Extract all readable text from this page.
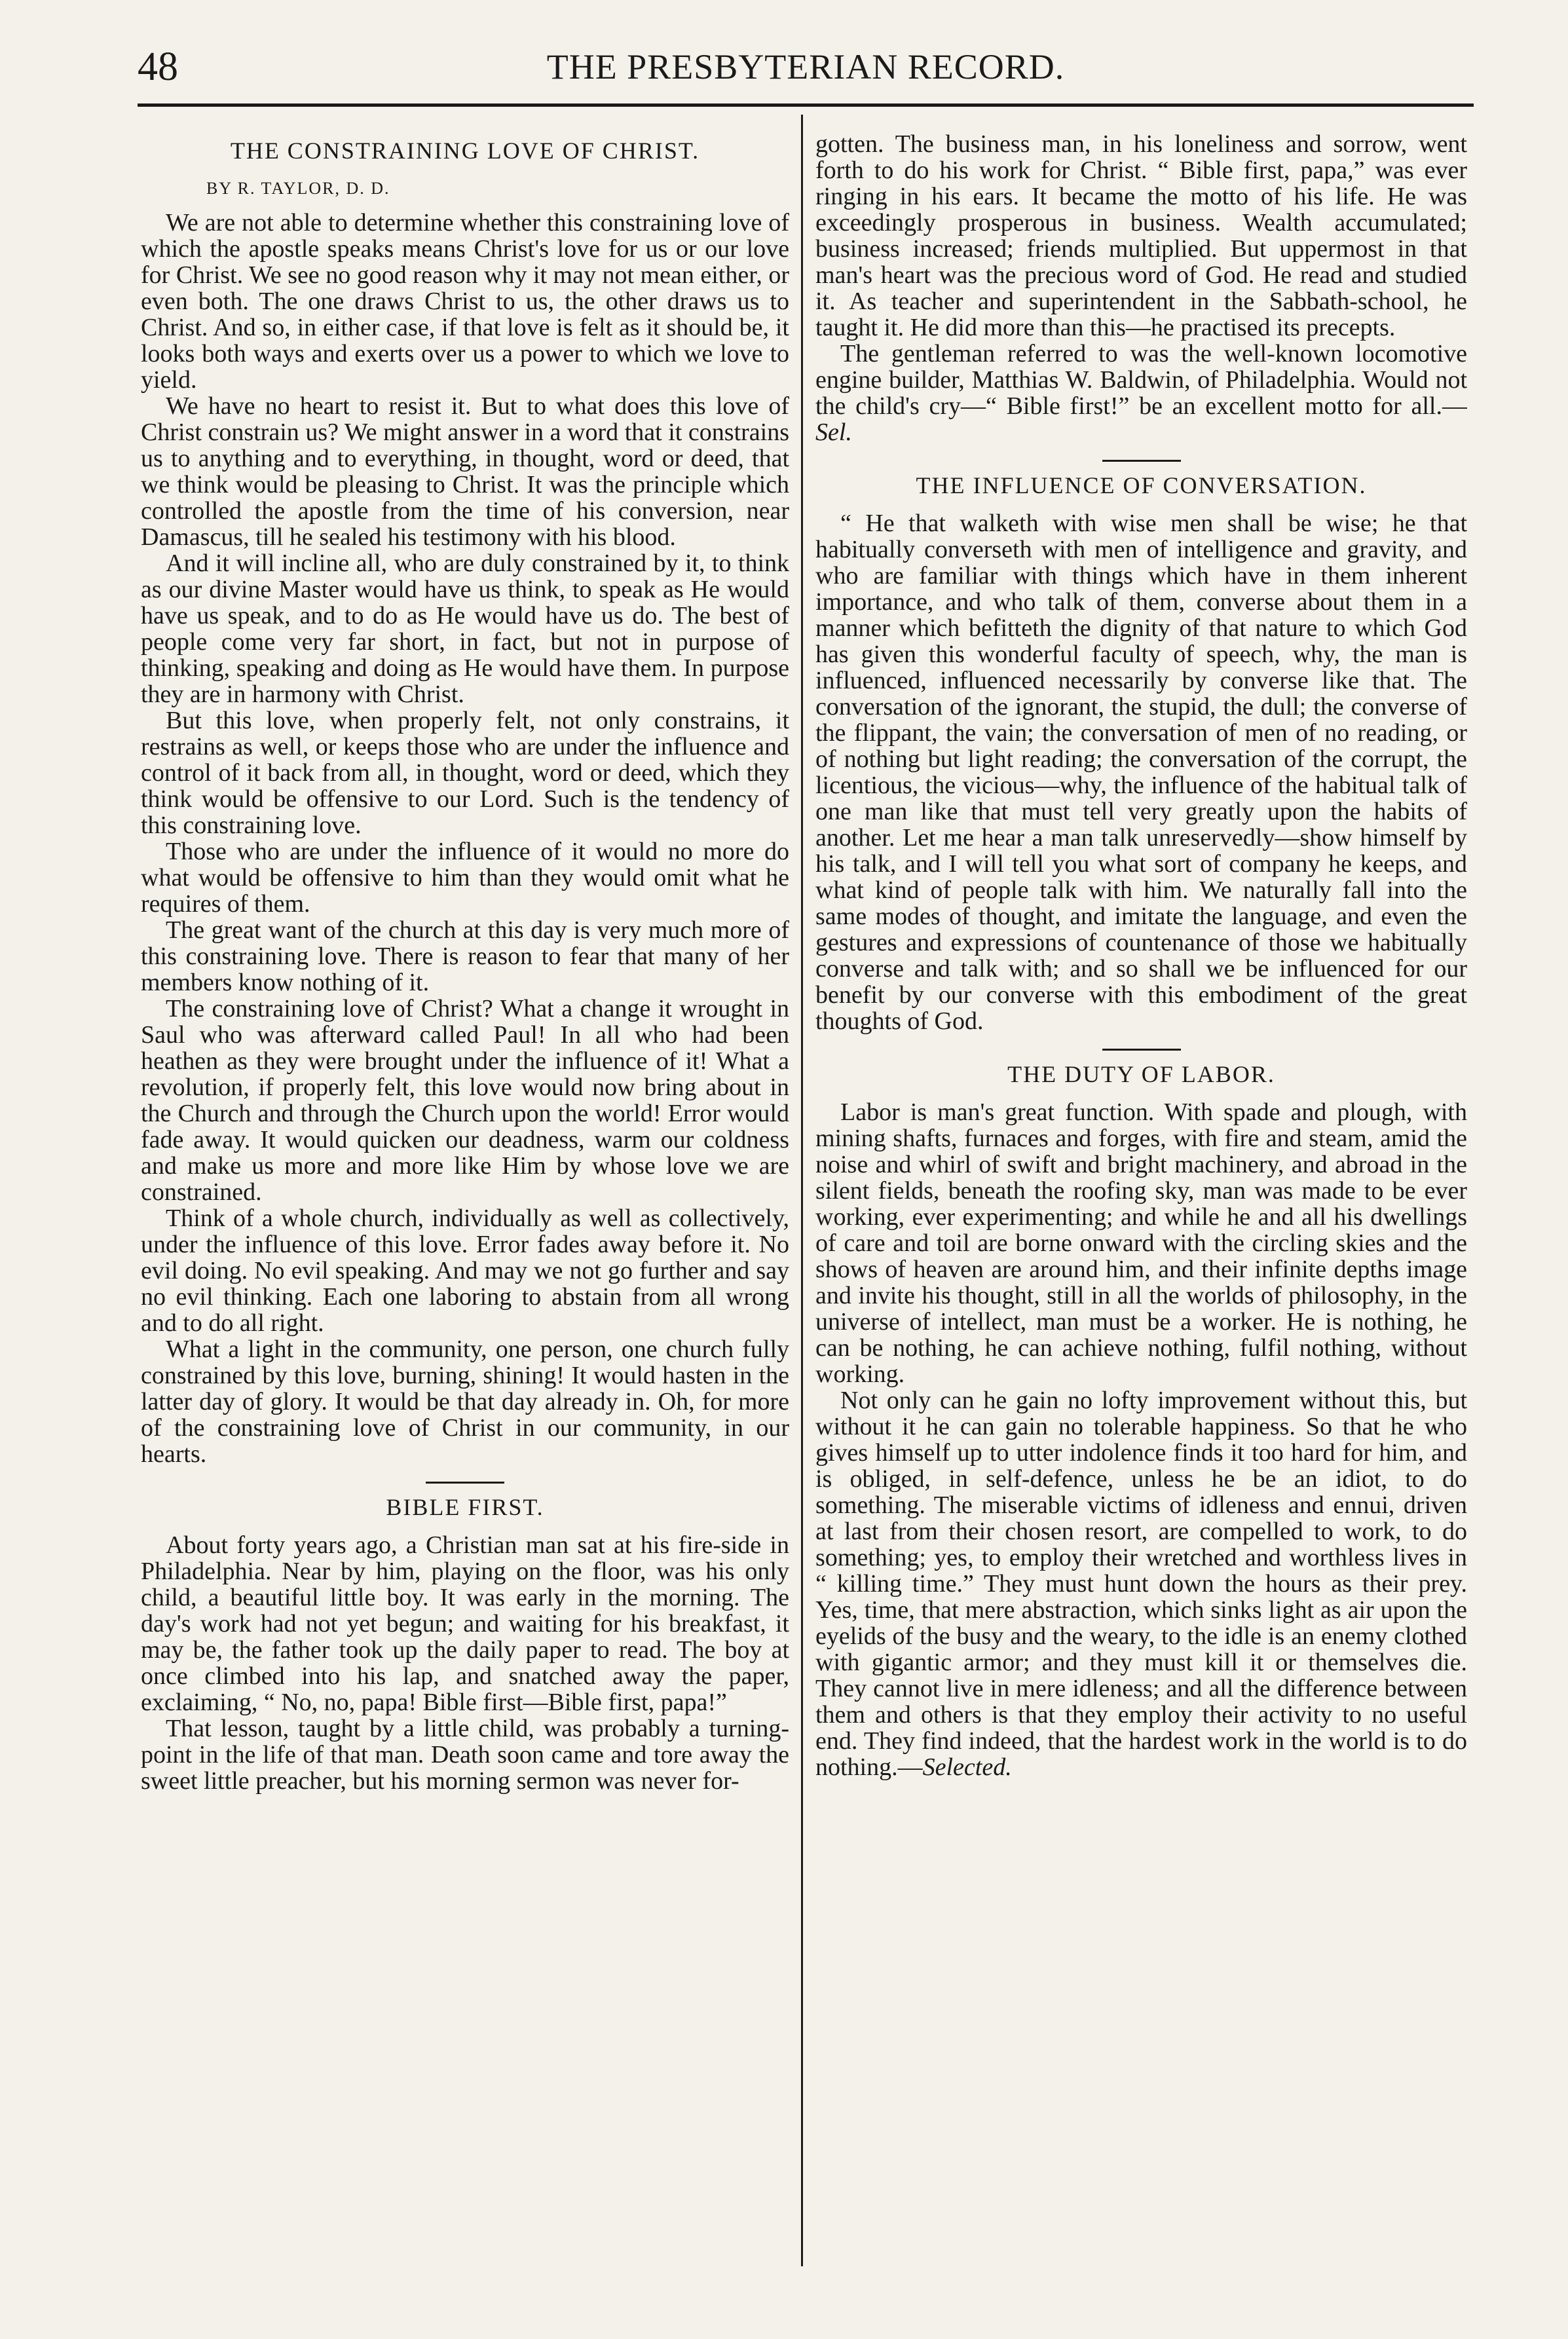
48	THE PRESBYTERIAN RECORD.
THE CONSTRAINING LOVE OF CHRIST.
BY R. TAYLOR, D. D.

We are not able to determine whether this constraining love of which the apostle speaks means Christ's love for us or our love for Christ. We see no good reason why it may not mean either, or even both. The one draws Christ to us, the other draws us to Christ. And so, in either case, if that love is felt as it should be, it looks both ways and exerts over us a power to which we love to yield.

We have no heart to resist it. But to what does this love of Christ constrain us? We might answer in a word that it constrains us to anything and to everything, in thought, word or deed, that we think would be pleasing to Christ. It was the principle which controlled the apostle from the time of his conversion, near Damascus, till he sealed his testimony with his blood.

And it will incline all, who are duly constrained by it, to think as our divine Master would have us think, to speak as He would have us speak, and to do as He would have us do. The best of people come very far short, in fact, but not in purpose of thinking, speaking and doing as He would have them. In purpose they are in harmony with Christ.

But this love, when properly felt, not only constrains, it restrains as well, or keeps those who are under the influence and control of it back from all, in thought, word or deed, which they think would be offensive to our Lord. Such is the tendency of this constraining love.

Those who are under the influence of it would no more do what would be offensive to him than they would omit what he requires of them.

The great want of the church at this day is very much more of this constraining love. There is reason to fear that many of her members know nothing of it.

The constraining love of Christ? What a change it wrought in Saul who was afterward called Paul! In all who had been heathen as they were brought under the influence of it! What a revolution, if properly felt, this love would now bring about in the Church and through the Church upon the world! Error would fade away. It would quicken our deadness, warm our coldness and make us more and more like Him by whose love we are constrained.

Think of a whole church, individually as well as collectively, under the influence of this love. Error fades away before it. No evil doing. No evil speaking. And may we not go further and say no evil thinking. Each one laboring to abstain from all wrong and to do all right.

What a light in the community, one person, one church fully constrained by this love, burning, shining! It would hasten in the latter day of glory. It would be that day already in. Oh, for more of the constraining love of Christ in our community, in our hearts.

BIBLE FIRST.

About forty years ago, a Christian man sat at his fire-side in Philadelphia. Near by him, playing on the floor, was his only child, a beautiful little boy. It was early in the morning. The day's work had not yet begun; and waiting for his breakfast, it may be, the father took up the daily paper to read. The boy at once climbed into his lap, and snatched away the paper, exclaiming, “ No, no, papa! Bible first—Bible first, papa!”

That lesson, taught by a little child, was probably a turning-point in the life of that man. Death soon came and tore away the sweet little preacher, but his morning sermon was never for-

gotten. The business man, in his loneliness and sorrow, went forth to do his work for Christ. “ Bible first, papa,” was ever ringing in his ears. It became the motto of his life. He was exceedingly prosperous in business. Wealth accumulated; business increased; friends multiplied. But uppermost in that man's heart was the precious word of God. He read and studied it. As teacher and superintendent in the Sabbath-school, he taught it. He did more than this—he practised its precepts.

The gentleman referred to was the well-known locomotive engine builder, Matthias W. Baldwin, of Philadelphia. Would not the child's cry—“ Bible first!” be an excellent motto for all.—Sel.

THE INFLUENCE OF CONVERSATION.

“ He that walketh with wise men shall be wise; he that habitually converseth with men of intelligence and gravity, and who are familiar with things which have in them inherent importance, and who talk of them, converse about them in a manner which befitteth the dignity of that nature to which God has given this wonderful faculty of speech, why, the man is influenced, influenced necessarily by converse like that. The conversation of the ignorant, the stupid, the dull; the converse of the flippant, the vain; the conversation of men of no reading, or of nothing but light reading; the conversation of the corrupt, the licentious, the vicious—why, the influence of the habitual talk of one man like that must tell very greatly upon the habits of another. Let me hear a man talk unreservedly—show himself by his talk, and I will tell you what sort of company he keeps, and what kind of people talk with him. We naturally fall into the same modes of thought, and imitate the language, and even the gestures and expressions of countenance of those we habitually converse and talk with; and so shall we be influenced for our benefit by our converse with this embodiment of the great thoughts of God.

THE DUTY OF LABOR.

Labor is man's great function. With spade and plough, with mining shafts, furnaces and forges, with fire and steam, amid the noise and whirl of swift and bright machinery, and abroad in the silent fields, beneath the roofing sky, man was made to be ever working, ever experimenting; and while he and all his dwellings of care and toil are borne onward with the circling skies and the shows of heaven are around him, and their infinite depths image and invite his thought, still in all the worlds of philosophy, in the universe of intellect, man must be a worker. He is nothing, he can be nothing, he can achieve nothing, fulfil nothing, without working.

Not only can he gain no lofty improvement without this, but without it he can gain no tolerable happiness. So that he who gives himself up to utter indolence finds it too hard for him, and is obliged, in self-defence, unless he be an idiot, to do something. The miserable victims of idleness and ennui, driven at last from their chosen resort, are compelled to work, to do something; yes, to employ their wretched and worthless lives in “ killing time.” They must hunt down the hours as their prey. Yes, time, that mere abstraction, which sinks light as air upon the eyelids of the busy and the weary, to the idle is an enemy clothed with gigantic armor; and they must kill it or themselves die. They cannot live in mere idleness; and all the difference between them and others is that they employ their activity to no useful end. They find indeed, that the hardest work in the world is to do nothing.—Selected.
